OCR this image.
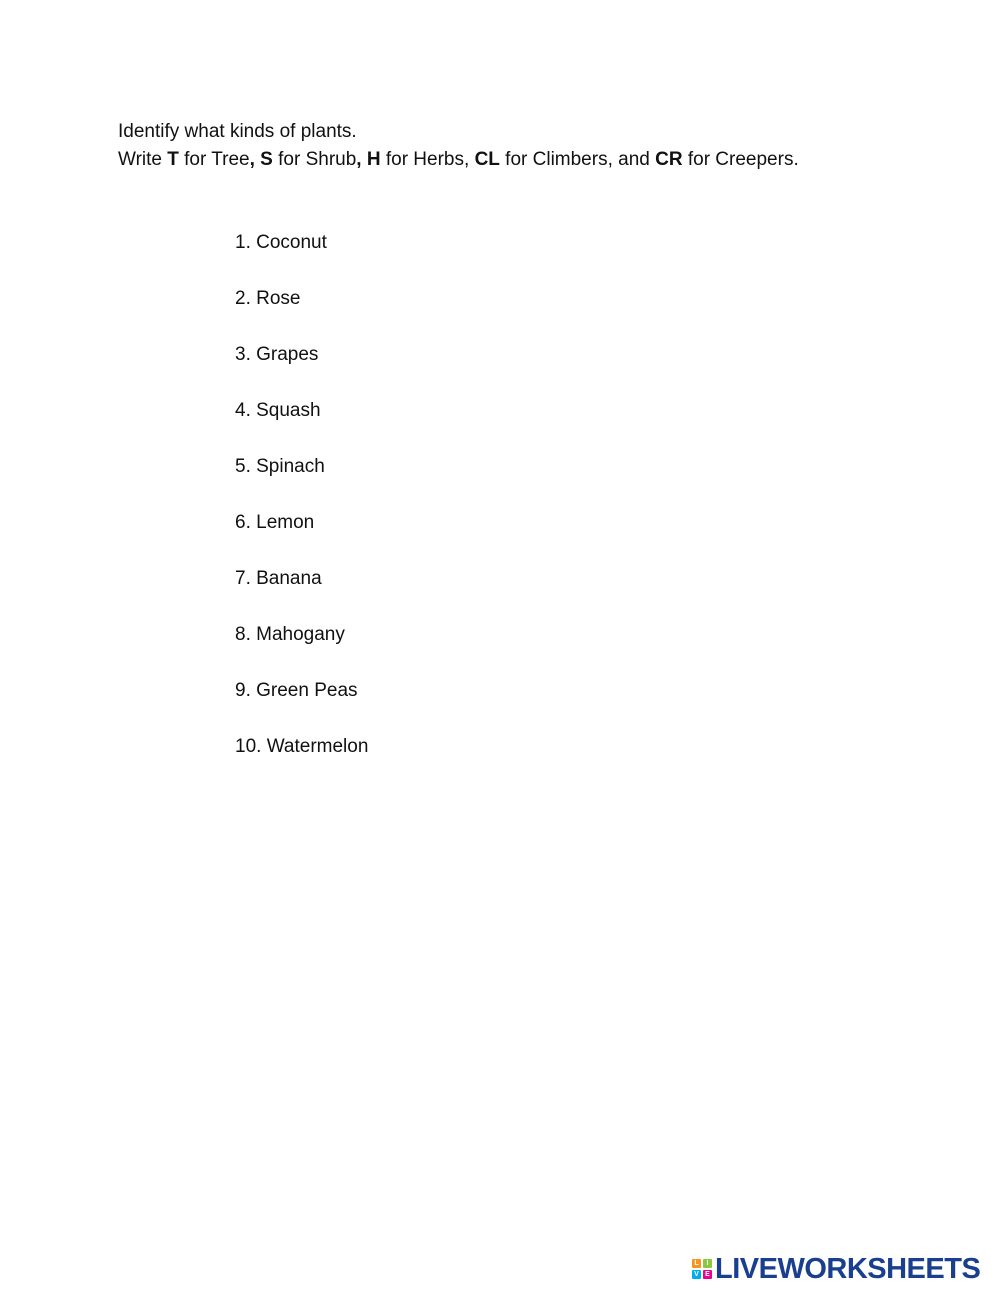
Identify what kinds of plants.

Write T for Tree, S for Shrub, H for Herbs, CL for Climbers, and CR for Creepers.

1. Coconut
2. Rose
3. Grapes
4. Squash
5. Spinach
6. Lemon
7. Banana
8. Mahogany
9. Green Peas
10. Watermelon
L	I
V E LIVEWORKSHEETS
